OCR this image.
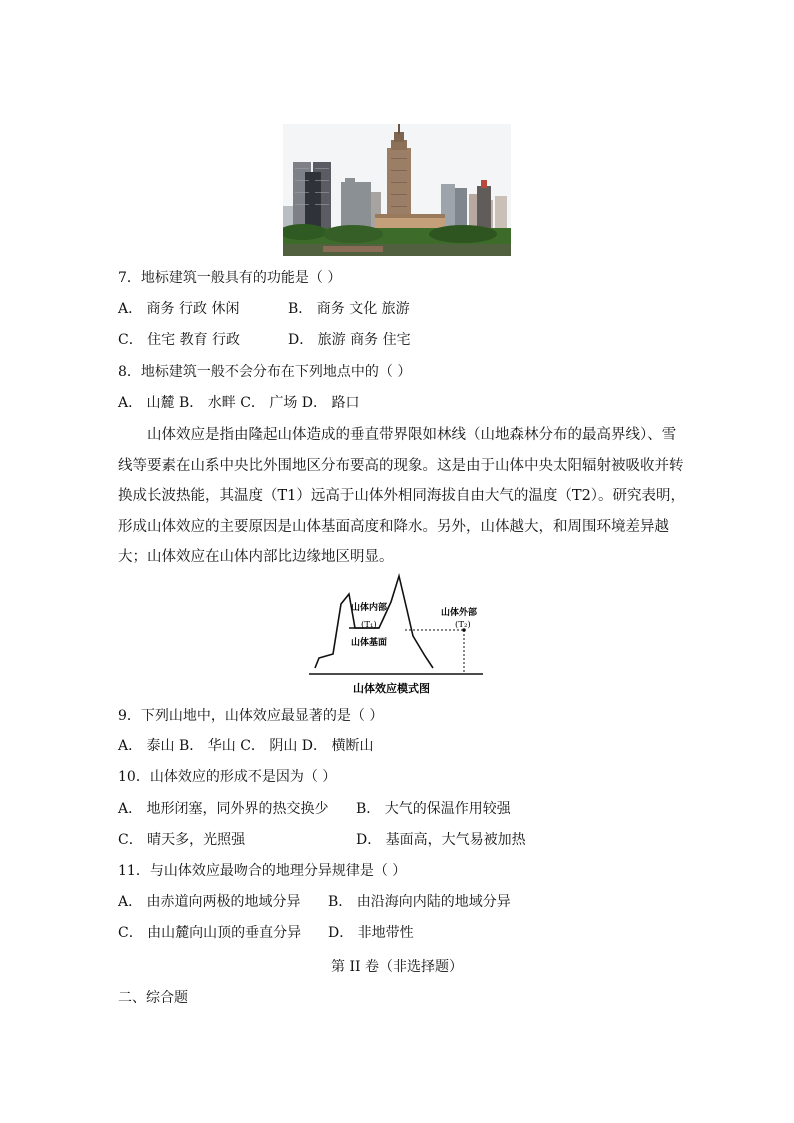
7．地标建筑一般具有的功能是（ ）
A． 商务 行政 休闲	B． 商务 文化 旅游
C． 住宅 教育 行政	D． 旅游 商务 住宅
8．地标建筑一般不会分布在下列地点中的（ ）
A． 山麓 B． 水畔 C． 广场 D． 路口
山体效应是指由隆起山体造成的垂直带界限如林线（山地森林分布的最高界线）、雪线等要素在山系中央比外围地区分布要高的现象。这是由于山体中央太阳辐射被吸收并转换成长波热能，其温度（T1）远高于山体外相同海拔自由大气的温度（T2）。研究表明，形成山体效应的主要原因是山体基面高度和降水。另外，山体越大，和周围环境差异越大；山体效应在山体内部比边缘地区明显。
山体内部
(T₁)
山体基面
山体外部
(T₂)
山体效应模式图
9．下列山地中，山体效应最显著的是（ ）
A． 泰山 B． 华山 C． 阴山 D． 横断山
10．山体效应的形成不是因为（ ）
A． 地形闭塞，同外界的热交换少 B． 大气的保温作用较强
C． 晴天多，光照强	D． 基面高，大气易被加热
11．与山体效应最吻合的地理分异规律是（ ）
A． 由赤道向两极的地域分异 B． 由沿海向内陆的地域分异
C． 由山麓向山顶的垂直分异 D． 非地带性
第 II 卷（非选择题）
二、综合题
